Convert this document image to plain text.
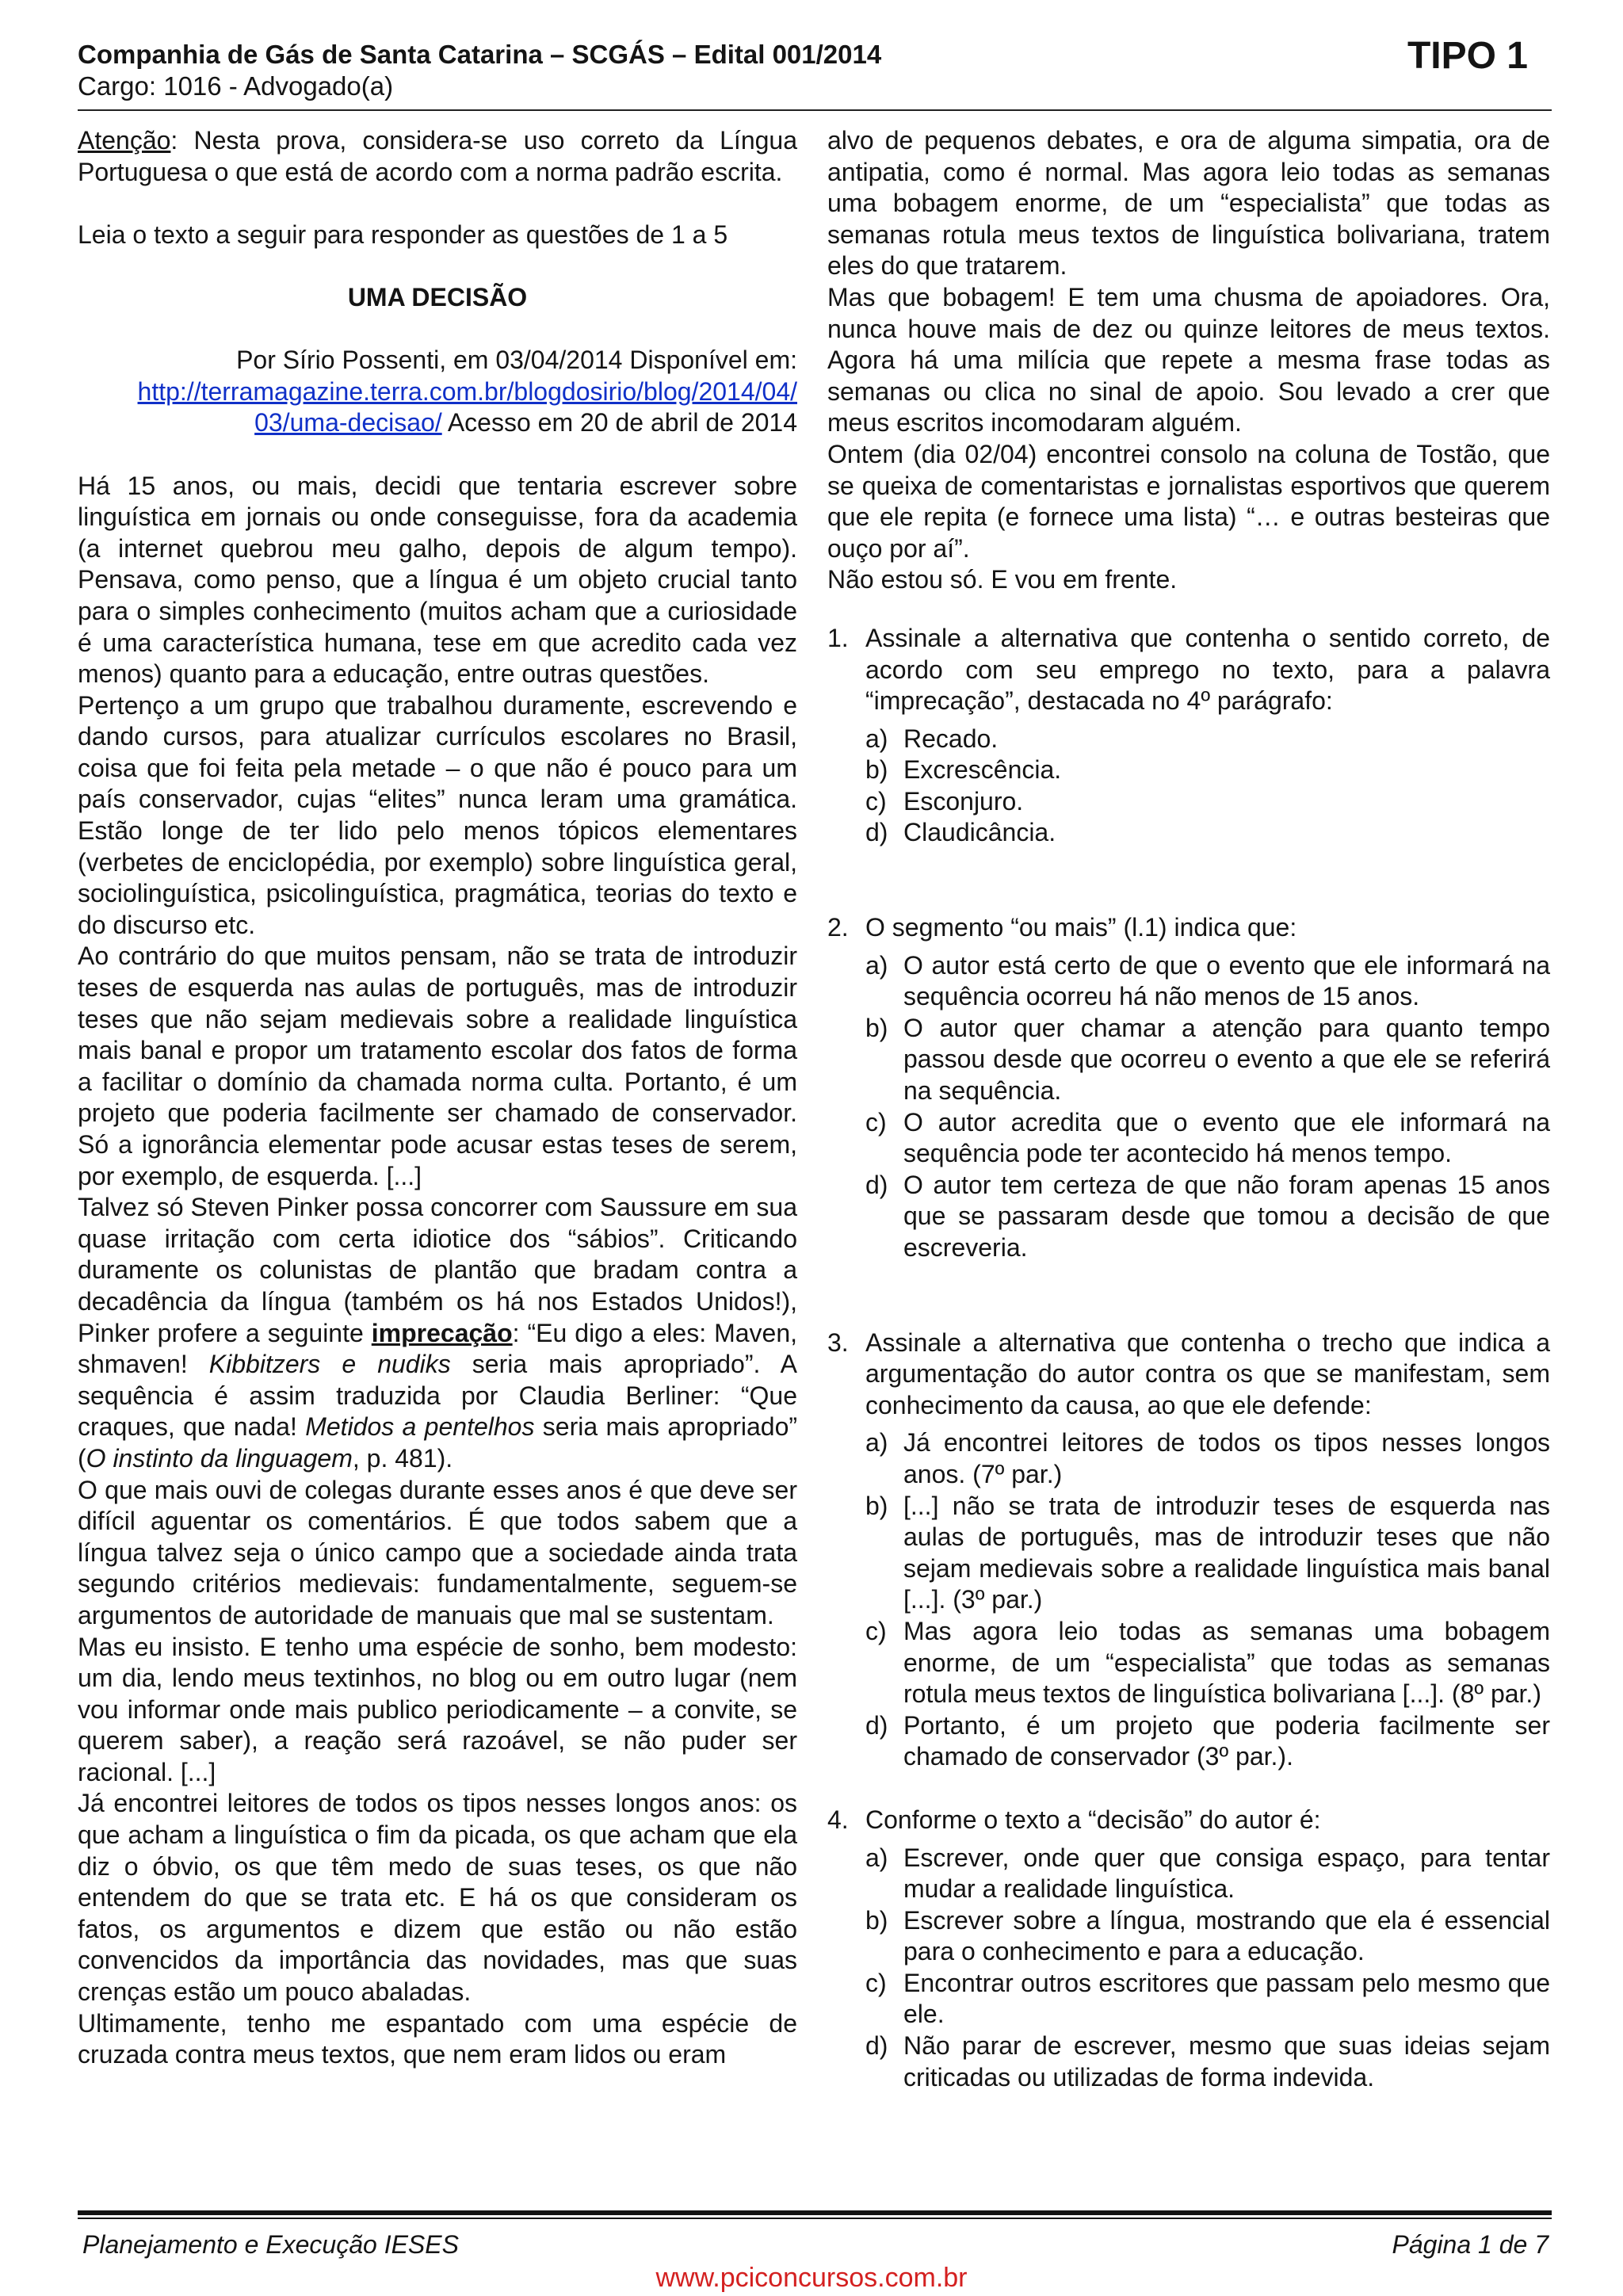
Companhia de Gás de Santa Catarina – SCGÁS – Edital 001/2014
Cargo: 1016 - Advogado(a)
TIPO 1

Atenção: Nesta prova, considera-se uso correto da Língua Portuguesa o que está de acordo com a norma padrão escrita.

Leia o texto a seguir para responder as questões de 1 a 5

UMA DECISÃO

Por Sírio Possenti, em 03/04/2014 Disponível em:

http://terramagazine.terra.com.br/blogdosirio/blog/2014/04/

03/uma-decisao/ Acesso em 20 de abril de 2014

Há 15 anos, ou mais, decidi que tentaria escrever sobre linguística em jornais ou onde conseguisse, fora da academia (a internet quebrou meu galho, depois de algum tempo). Pensava, como penso, que a língua é um objeto crucial tanto para o simples conhecimento (muitos acham que a curiosidade é uma característica humana, tese em que acredito cada vez menos) quanto para a educação, entre outras questões.

Pertenço a um grupo que trabalhou duramente, escrevendo e dando cursos, para atualizar currículos escolares no Brasil, coisa que foi feita pela metade – o que não é pouco para um país conservador, cujas “elites” nunca leram uma gramática. Estão longe de ter lido pelo menos tópicos elementares (verbetes de enciclopédia, por exemplo) sobre linguística geral, sociolinguística, psicolinguística, pragmática, teorias do texto e do discurso etc.

Ao contrário do que muitos pensam, não se trata de introduzir teses de esquerda nas aulas de português, mas de introduzir teses que não sejam medievais sobre a realidade linguística mais banal e propor um tratamento escolar dos fatos de forma a facilitar o domínio da chamada norma culta. Portanto, é um projeto que poderia facilmente ser chamado de conservador. Só a ignorância elementar pode acusar estas teses de serem, por exemplo, de esquerda. [...]

Talvez só Steven Pinker possa concorrer com Saussure em sua quase irritação com certa idiotice dos “sábios”. Criticando duramente os colunistas de plantão que bradam contra a decadência da língua (também os há nos Estados Unidos!), Pinker profere a seguinte imprecação: “Eu digo a eles: Maven, shmaven! Kibbitzers e nudiks seria mais apropriado”. A sequência é assim traduzida por Claudia Berliner: “Que craques, que nada! Metidos a pentelhos seria mais apropriado” (O instinto da linguagem, p. 481).

O que mais ouvi de colegas durante esses anos é que deve ser difícil aguentar os comentários. É que todos sabem que a língua talvez seja o único campo que a sociedade ainda trata segundo critérios medievais: fundamentalmente, seguem-se argumentos de autoridade de manuais que mal se sustentam.

Mas eu insisto. E tenho uma espécie de sonho, bem modesto: um dia, lendo meus textinhos, no blog ou em outro lugar (nem vou informar onde mais publico periodicamente – a convite, se querem saber), a reação será razoável, se não puder ser racional. [...]

Já encontrei leitores de todos os tipos nesses longos anos: os que acham a linguística o fim da picada, os que acham que ela diz o óbvio, os que têm medo de suas teses, os que não entendem do que se trata etc. E há os que consideram os fatos, os argumentos e dizem que estão ou não estão convencidos da importância das novidades, mas que suas crenças estão um pouco abaladas.

Ultimamente, tenho me espantado com uma espécie de cruzada contra meus textos, que nem eram lidos ou eram

alvo de pequenos debates, e ora de alguma simpatia, ora de antipatia, como é normal. Mas agora leio todas as semanas uma bobagem enorme, de um “especialista” que todas as semanas rotula meus textos de linguística bolivariana, tratem eles do que tratarem.

Mas que bobagem! E tem uma chusma de apoiadores. Ora, nunca houve mais de dez ou quinze leitores de meus textos. Agora há uma milícia que repete a mesma frase todas as semanas ou clica no sinal de apoio. Sou levado a crer que meus escritos incomodaram alguém.

Ontem (dia 02/04) encontrei consolo na coluna de Tostão, que se queixa de comentaristas e jornalistas esportivos que querem que ele repita (e fornece uma lista) “… e outras besteiras que ouço por aí”.

Não estou só. E vou em frente.

1. Assinale a alternativa que contenha o sentido correto, de acordo com seu emprego no texto, para a palavra “imprecação”, destacada no 4º parágrafo:

a) Recado.
b) Excrescência.
c) Esconjuro.
d) Claudicância.
2. O segmento “ou mais” (l.1) indica que:

a) O autor está certo de que o evento que ele informará na sequência ocorreu há não menos de 15 anos.
b) O autor quer chamar a atenção para quanto tempo passou desde que ocorreu o evento a que ele se referirá na sequência.
c) O autor acredita que o evento que ele informará na sequência pode ter acontecido há menos tempo.
d) O autor tem certeza de que não foram apenas 15 anos que se passaram desde que tomou a decisão de que escreveria.
3. Assinale a alternativa que contenha o trecho que indica a argumentação do autor contra os que se manifestam, sem conhecimento da causa, ao que ele defende:

a) Já encontrei leitores de todos os tipos nesses longos anos. (7º par.)
b) [...] não se trata de introduzir teses de esquerda nas aulas de português, mas de introduzir teses que não sejam medievais sobre a realidade linguística mais banal [...]. (3º par.)
c) Mas agora leio todas as semanas uma bobagem enorme, de um “especialista” que todas as semanas rotula meus textos de linguística bolivariana [...]. (8º par.)
d) Portanto, é um projeto que poderia facilmente ser chamado de conservador (3º par.).
4. Conforme o texto a “decisão” do autor é:

a) Escrever, onde quer que consiga espaço, para tentar mudar a realidade linguística.
b) Escrever sobre a língua, mostrando que ela é essencial para o conhecimento e para a educação.
c) Encontrar outros escritores que passam pelo mesmo que ele.
d) Não parar de escrever, mesmo que suas ideias sejam criticadas ou utilizadas de forma indevida.
Planejamento e Execução IESES	Página 1 de 7
www.pciconcursos.com.br
